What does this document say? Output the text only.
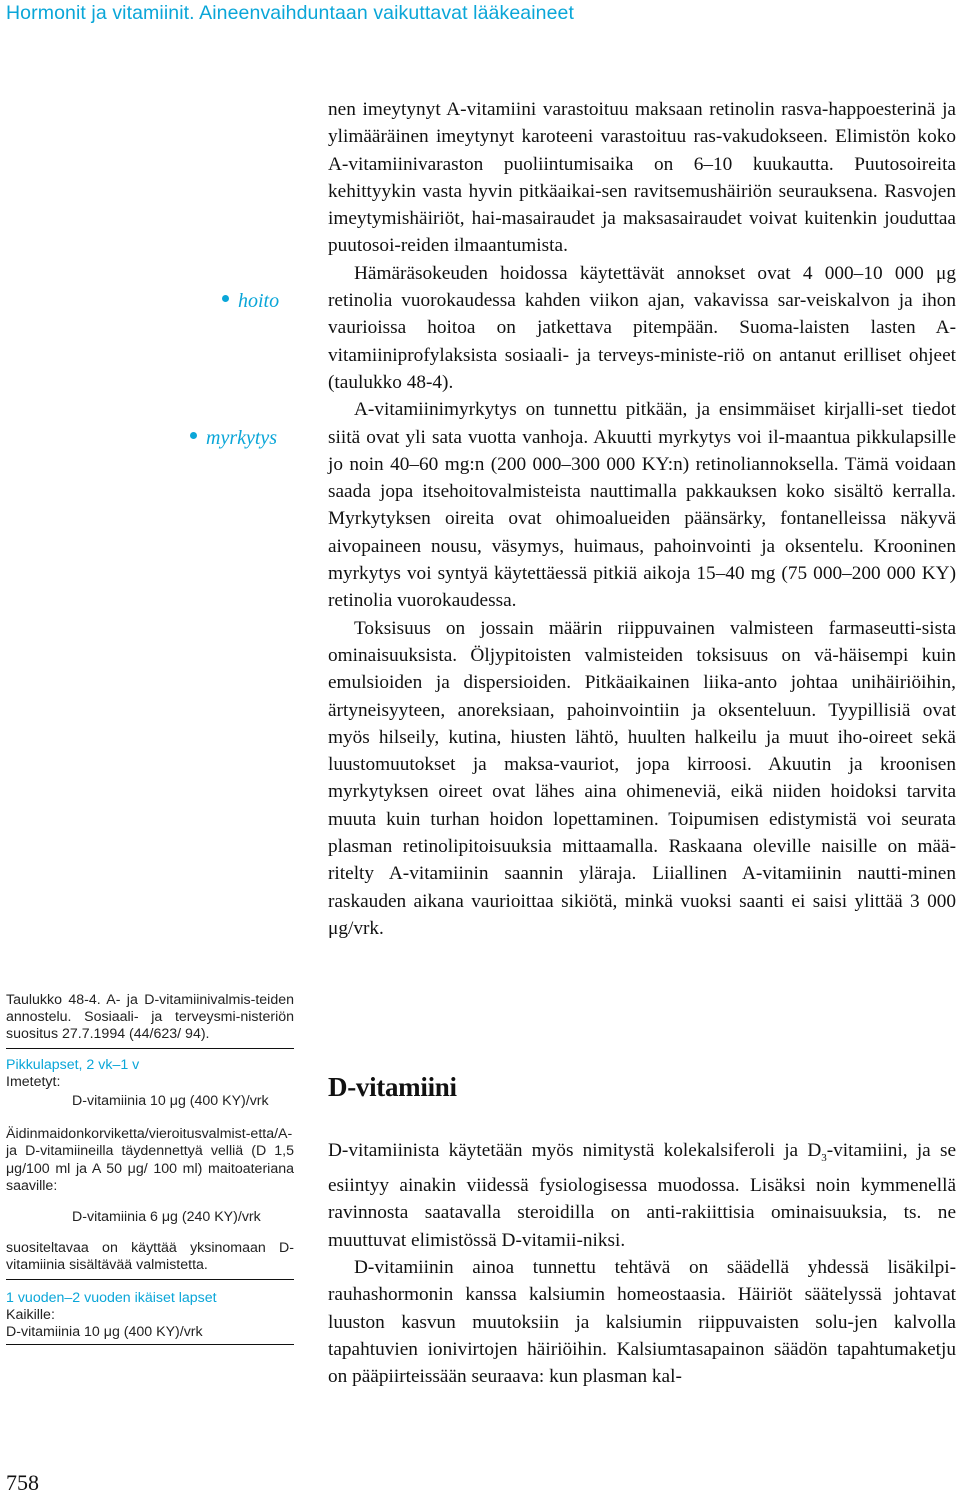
Hormonit ja vitamiinit. Aineenvaihduntaan vaikuttavat lääkeaineet
hoito
myrkytys

nen imeytynyt A-vitamiini varastoituu maksaan retinolin rasva-happoesterinä ja ylimääräinen imeytynyt karoteeni varastoituu ras-vakudokseen. Elimistön koko A-vitamiinivaraston puoliintumisaika on 6–10 kuukautta. Puutosoireita kehittyykin vasta hyvin pitkäaikai-sen ravitsemushäiriön seurauksena. Rasvojen imeytymishäiriöt, hai-masairaudet ja maksasairaudet voivat kuitenkin jouduttaa puutosoi-reiden ilmaantumista.

Hämäräsokeuden hoidossa käytettävät annokset ovat 4 000–10 000 μg retinolia vuorokaudessa kahden viikon ajan, vakavissa sar-veiskalvon ja ihon vaurioissa hoitoa on jatkettava pitempään. Suoma-laisten lasten A-vitamiiniprofylaksista sosiaali- ja terveys-ministe-riö on antanut erilliset ohjeet (taulukko 48-4).

A-vitamiinimyrkytys on tunnettu pitkään, ja ensimmäiset kirjalli-set tiedot siitä ovat yli sata vuotta vanhoja. Akuutti myrkytys voi il-maantua pikkulapsille jo noin 40–60 mg:n (200 000–300 000 KY:n) retinoliannoksella. Tämä voidaan saada jopa itsehoitovalmisteista nauttimalla pakkauksen koko sisältö kerralla. Myrkytyksen oireita ovat ohimoalueiden päänsärky, fontanelleissa näkyvä aivopaineen nousu, väsymys, huimaus, pahoinvointi ja oksentelu. Krooninen myrkytys voi syntyä käytettäessä pitkiä aikoja 15–40 mg (75 000–200 000 KY) retinolia vuorokaudessa.

Toksisuus on jossain määrin riippuvainen valmisteen farmaseutti-sista ominaisuuksista. Öljypitoisten valmisteiden toksisuus on vä-häisempi kuin emulsioiden ja dispersioiden. Pitkäaikainen liika-anto johtaa unihäiriöihin, ärtyneisyyteen, anoreksiaan, pahoinvointiin ja oksenteluun. Tyypillisiä ovat myös hilseily, kutina, hiusten lähtö, huulten halkeilu ja muut iho-oireet sekä luustomuutokset ja maksa-vauriot, jopa kirroosi. Akuutin ja kroonisen myrkytyksen oireet ovat lähes aina ohimeneviä, eikä niiden hoidoksi tarvita muuta kuin turhan hoidon lopettaminen. Toipumisen edistymistä voi seurata plasman retinolipitoisuuksia mittaamalla. Raskaana oleville naisille on mää-ritelty A-vitamiinin saannin yläraja. Liiallinen A-vitamiinin nautti-minen raskauden aikana vaurioittaa sikiötä, minkä vuoksi saanti ei saisi ylittää 3 000 μg/vrk.

D-vitamiini

D-vitamiinista käytetään myös nimitystä kolekalsiferoli ja $D_3$-vitamiini, ja se esiintyy ainakin viidessä fysiologisessa muodossa. Lisäksi noin kymmenellä ravinnosta saatavalla steroidilla on anti-rakiittisia ominaisuuksia, ts. ne muuttuvat elimistössä D-vitamii-niksi.

D-vitamiinin ainoa tunnettu tehtävä on säädellä yhdessä lisäkilpi-rauhashormonin kanssa kalsiumin homeostaasia. Häiriöt säätelyssä johtavat luuston kasvun muutoksiin ja kalsiumin riippuvaisten solu-jen kalvolla tapahtuvien ionivirtojen häiriöihin. Kalsiumtasapainon säädön tapahtumaketju on pääpiirteissään seuraava: kun plasman kal-

Taulukko 48-4. A- ja D-vitamiinivalmis-teiden annostelu. Sosiaali- ja terveysmi-nisteriön suositus 27.7.1994 (44/623/ 94).
Pikkulapset, 2 vk–1 v
Imetetyt:
D-vitamiinia 10 μg (400 KY)/vrk
Äidinmaidonkorviketta/vieroitusvalmist-etta/A- ja D-vitamiineilla täydennettyä velliä (D 1,5 μg/100 ml ja A 50 μg/ 100 ml) maitoateriana saaville:
D-vitamiinia 6 μg (240 KY)/vrk
suositeltavaa on käyttää yksinomaan D-vitamiinia sisältävää valmistetta.
1 vuoden–2 vuoden ikäiset lapset
Kaikille:
D-vitamiinia 10 μg (400 KY)/vrk
758
